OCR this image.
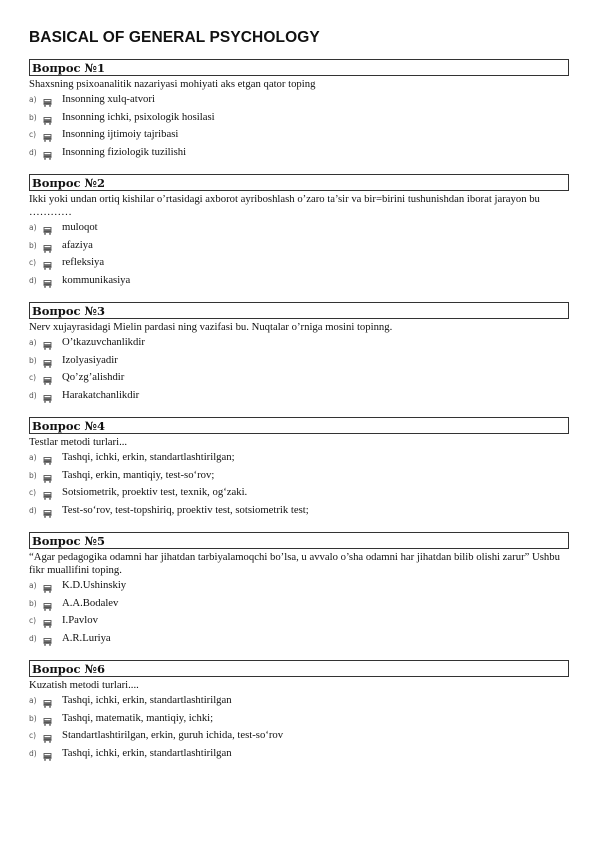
BASICAL OF GENERAL PSYCHOLOGY
Вопрос №1
Shaxsning psixoanalitik nazariyasi mohiyati aks etgan qator toping
a)	Insonning xulq-atvori
b)	Insonning ichki, psixologik hosilasi
c)	Insonning ijtimoiy tajribasi
d)	Insonning fiziologik tuzilishi
Вопрос №2
Ikki yoki undan ortiq kishilar o’rtasidagi axborot ayriboshlash o’zaro ta’sir va bir=birini tushunishdan iborat jarayon bu …………
a)	muloqot
b)	afaziya
c)	refleksiya
d)	kommunikasiya
Вопрос №3
Nerv xujayrasidagi Mielin pardasi ning vazifasi bu. Nuqtalar o’rniga mosini topinng.
a)	O’tkazuvchanlikdir
b)	Izolyasiyadir
c)	Qo’zg’alishdir
d)	Harakatchanlikdir
Вопрос №4
Testlar metodi turlari...
a)	Tashqi, ichki, erkin, standartlashtirilgan;
b)	Tashqi, erkin, mantiqiy, test-so‘rov;
c)	Sotsiometrik, proektiv test, texnik, og‘zaki.
d)	Test-so‘rov, test-topshiriq, proektiv test, sotsiometrik test;
Вопрос №5
“Agar pedagogika odamni har jihatdan tarbiyalamoqchi bo’lsa, u avvalo o’sha odamni har jihatdan bilib olishi zarur” Ushbu fikr muallifini toping.
a)	K.D.Ushinskiy
b)	A.A.Bodalev
c)	I.Pavlov
d)	A.R.Luriya
Вопрос №6
Kuzatish metodi turlari....
a)	Tashqi, ichki, erkin, standartlashtirilgan
b)	Tashqi, matematik, mantiqiy, ichki;
c)	Standartlashtirilgan, erkin, guruh ichida, test-so‘rov
d)	Tashqi, ichki, erkin, standartlashtirilgan
